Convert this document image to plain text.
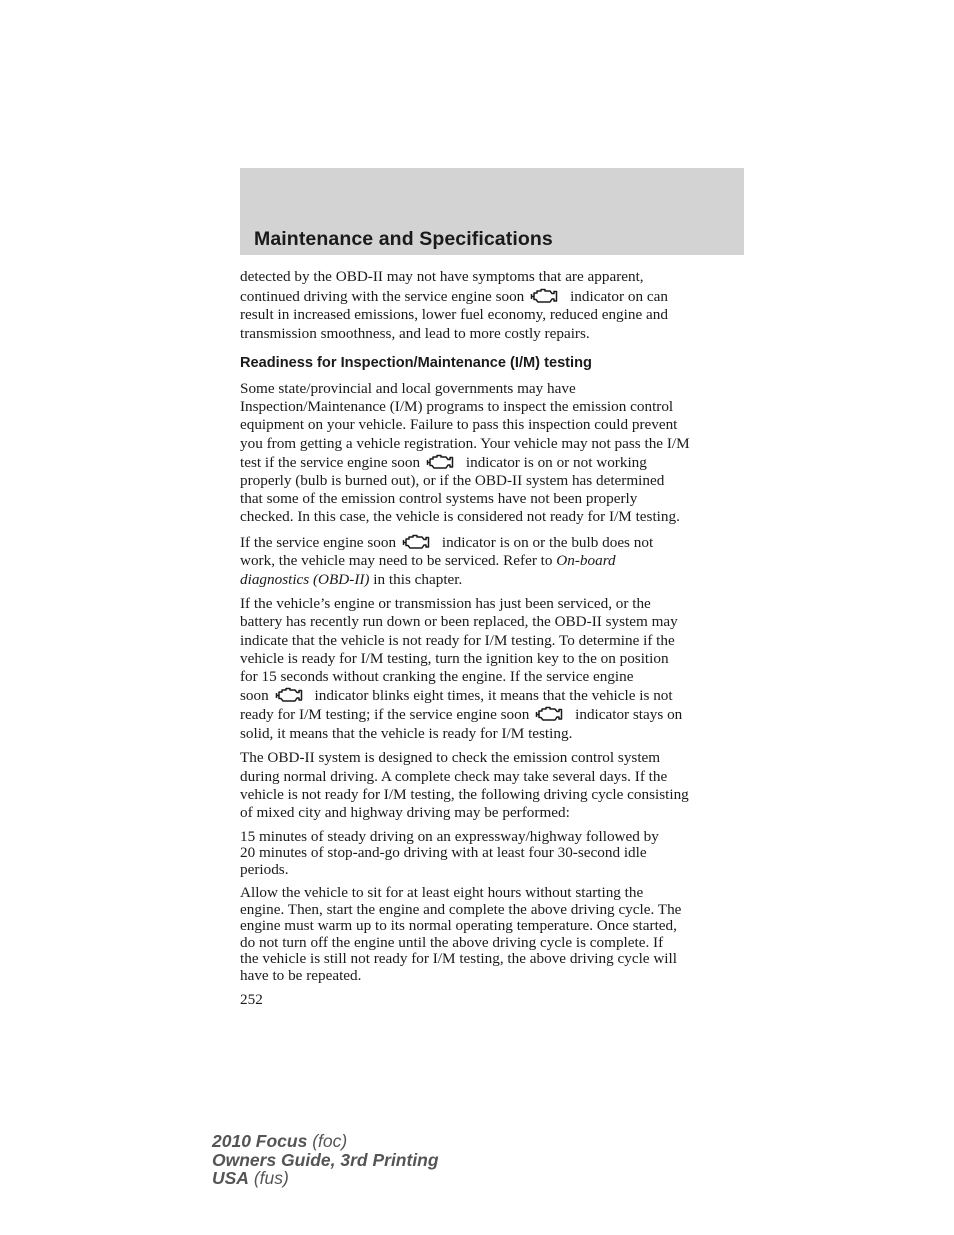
Maintenance and Specifications

detected by the OBD-II may not have symptoms that are apparent,
continued driving with the service engine soon	indicator on can
result in increased emissions, lower fuel economy, reduced engine and
transmission smoothness, and lead to more costly repairs.

Readiness for Inspection/Maintenance (I/M) testing

Some state/provincial and local governments may have
Inspection/Maintenance (I/M) programs to inspect the emission control
equipment on your vehicle. Failure to pass this inspection could prevent
you from getting a vehicle registration. Your vehicle may not pass the I/M
test if the service engine soon	indicator is on or not working
properly (bulb is burned out), or if the OBD-II system has determined
that some of the emission control systems have not been properly
checked. In this case, the vehicle is considered not ready for I/M testing.

If the service engine soon	indicator is on or the bulb does not
work, the vehicle may need to be serviced. Refer to On-board
diagnostics (OBD-II) in this chapter.

If the vehicle’s engine or transmission has just been serviced, or the
battery has recently run down or been replaced, the OBD-II system may
indicate that the vehicle is not ready for I/M testing. To determine if the
vehicle is ready for I/M testing, turn the ignition key to the on position
for 15 seconds without cranking the engine. If the service engine
soon	indicator blinks eight times, it means that the vehicle is not
ready for I/M testing; if the service engine soon	indicator stays on
solid, it means that the vehicle is ready for I/M testing.

The OBD-II system is designed to check the emission control system
during normal driving. A complete check may take several days. If the
vehicle is not ready for I/M testing, the following driving cycle consisting
of mixed city and highway driving may be performed:

15 minutes of steady driving on an expressway/highway followed by
20 minutes of stop-and-go driving with at least four 30-second idle
periods.

Allow the vehicle to sit for at least eight hours without starting the
engine. Then, start the engine and complete the above driving cycle. The
engine must warm up to its normal operating temperature. Once started,
do not turn off the engine until the above driving cycle is complete. If
the vehicle is still not ready for I/M testing, the above driving cycle will
have to be repeated.

252
2010 Focus (foc)
Owners Guide, 3rd Printing
USA (fus)
